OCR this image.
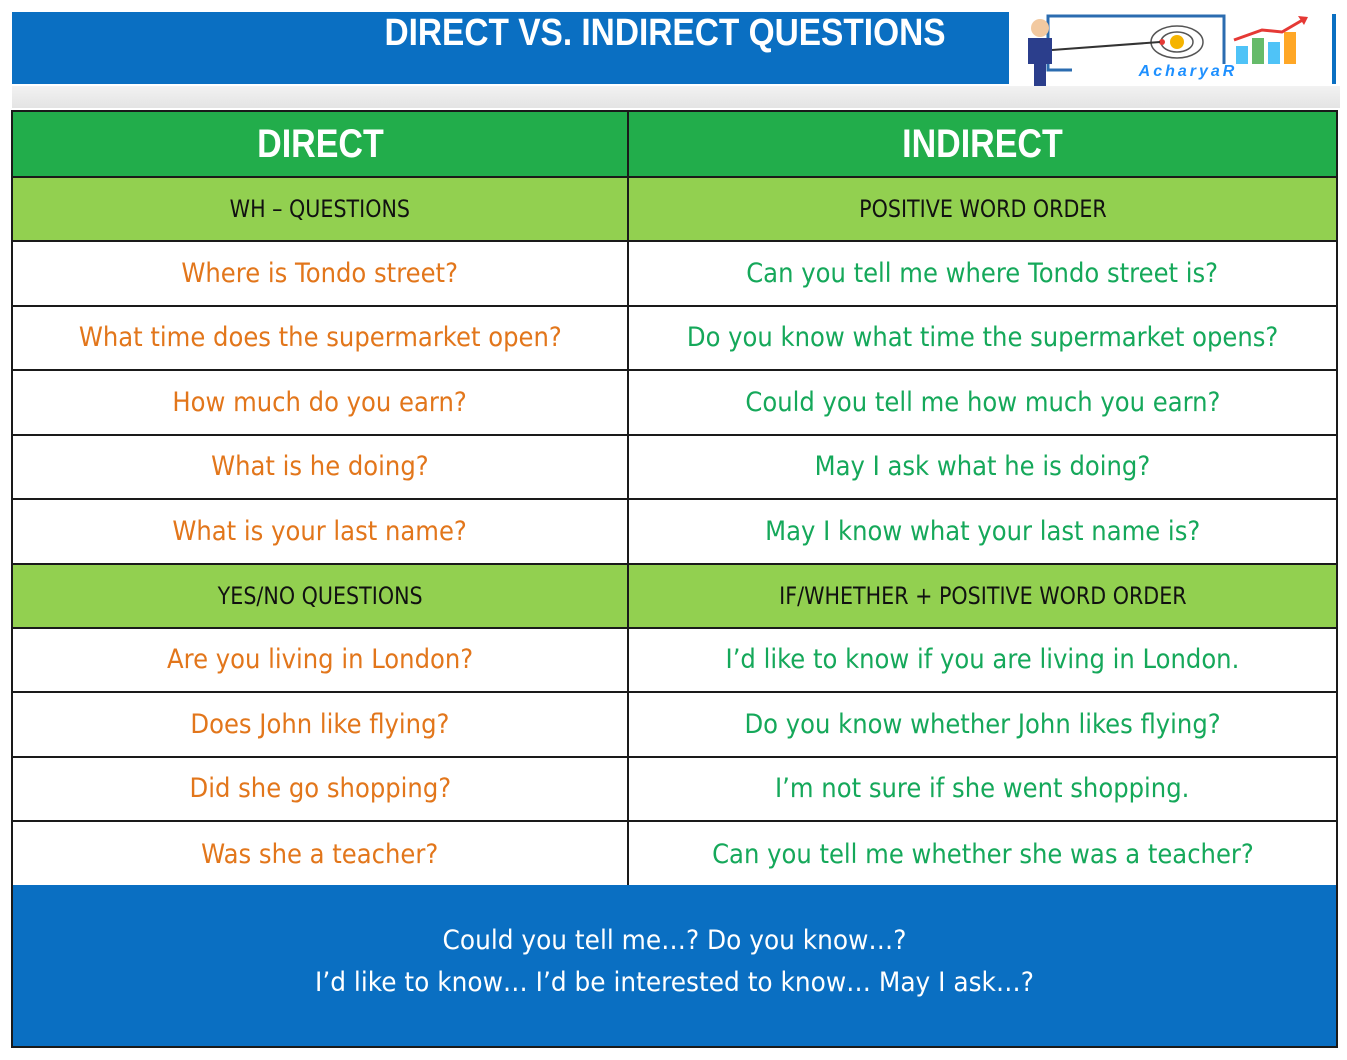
DIRECT VS. INDIRECT QUESTIONS
AcharyaR
DIRECT	INDIRECT
WH – QUESTIONS	POSITIVE WORD ORDER
Where is Tondo street?	Can you tell me where Tondo street is?
What time does the supermarket open?	Do you know what time the supermarket opens?
How much do you earn?	Could you tell me how much you earn?
What is he doing?	May I ask what he is doing?
What is your last name?	May I know what your last name is?
YES/NO QUESTIONS	IF/WHETHER + POSITIVE WORD ORDER
Are you living in London?	I’d like to know if you are living in London.
Does John like flying?	Do you know whether John likes flying?
Did she go shopping?	I’m not sure if she went shopping.
Was she a teacher?	Can you tell me whether she was a teacher?
Could you tell me…? Do you know…?
I’d like to know… I’d be interested to know… May I ask…?
